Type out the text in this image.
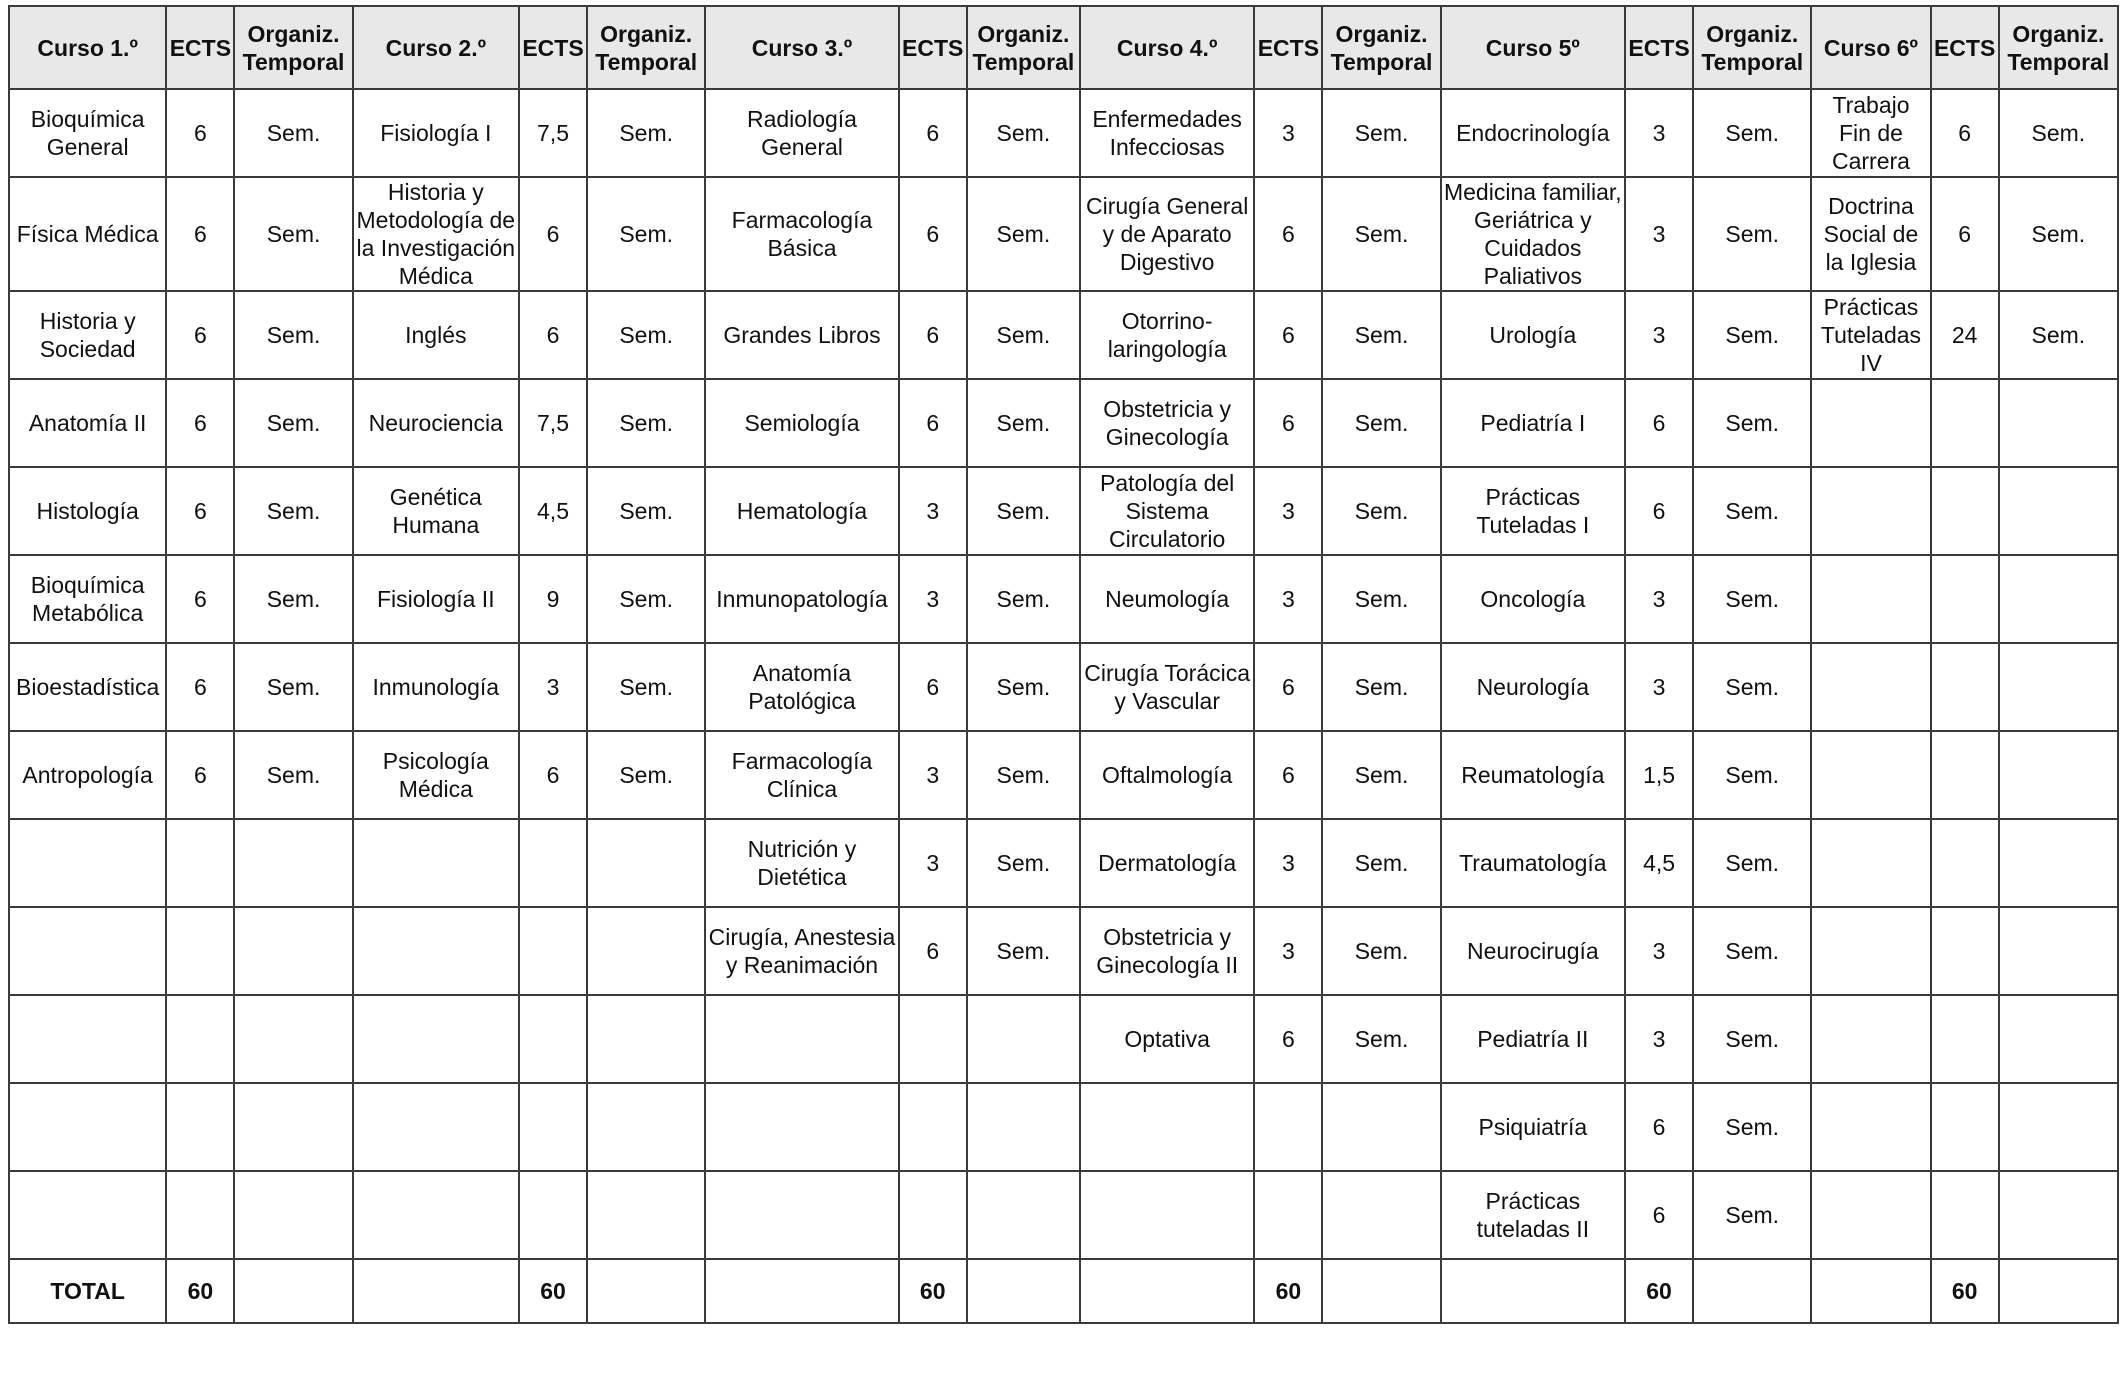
Curso 1.º	ECTS	Organiz. Temporal	Curso 2.º	ECTS	Organiz. Temporal	Curso 3.º	ECTS	Organiz. Temporal	Curso 4.º	ECTS	Organiz. Temporal	Curso 5º	ECTS	Organiz. Temporal	Curso 6º	ECTS	Organiz. Temporal
Bioquímica General	6	Sem.	Fisiología I	7,5	Sem.	Radiología General	6	Sem.	Enfermedades Infecciosas	3	Sem.	Endocrinología	3	Sem.	Trabajo Fin de Carrera	6	Sem.
Física Médica	6	Sem.	Historia y Metodología de la Investigación Médica	6	Sem.	Farmacología Básica	6	Sem.	Cirugía General y de Aparato Digestivo	6	Sem.	Medicina familiar, Geriátrica y Cuidados Paliativos	3	Sem.	Doctrina Social de la Iglesia	6	Sem.
Historia y Sociedad	6	Sem.	Inglés	6	Sem.	Grandes Libros	6	Sem.	Otorrino-laringología	6	Sem.	Urología	3	Sem.	Prácticas Tuteladas IV	24	Sem.
Anatomía II	6	Sem.	Neurociencia	7,5	Sem.	Semiología	6	Sem.	Obstetricia y Ginecología	6	Sem.	Pediatría I	6	Sem.			
Histología	6	Sem.	Genética Humana	4,5	Sem.	Hematología	3	Sem.	Patología del Sistema Circulatorio	3	Sem.	Prácticas Tuteladas I	6	Sem.			
Bioquímica Metabólica	6	Sem.	Fisiología II	9	Sem.	Inmunopatología	3	Sem.	Neumología	3	Sem.	Oncología	3	Sem.			
Bioestadística	6	Sem.	Inmunología	3	Sem.	Anatomía Patológica	6	Sem.	Cirugía Torácica y Vascular	6	Sem.	Neurología	3	Sem.			
Antropología	6	Sem.	Psicología Médica	6	Sem.	Farmacología Clínica	3	Sem.	Oftalmología	6	Sem.	Reumatología	1,5	Sem.			
						Nutrición y Dietética	3	Sem.	Dermatología	3	Sem.	Traumatología	4,5	Sem.			
						Cirugía, Anestesia y Reanimación	6	Sem.	Obstetricia y Ginecología II	3	Sem.	Neurocirugía	3	Sem.			
									Optativa	6	Sem.	Pediatría II	3	Sem.			
												Psiquiatría	6	Sem.			
												Prácticas tuteladas II	6	Sem.			
TOTAL	60			60			60			60			60			60	
